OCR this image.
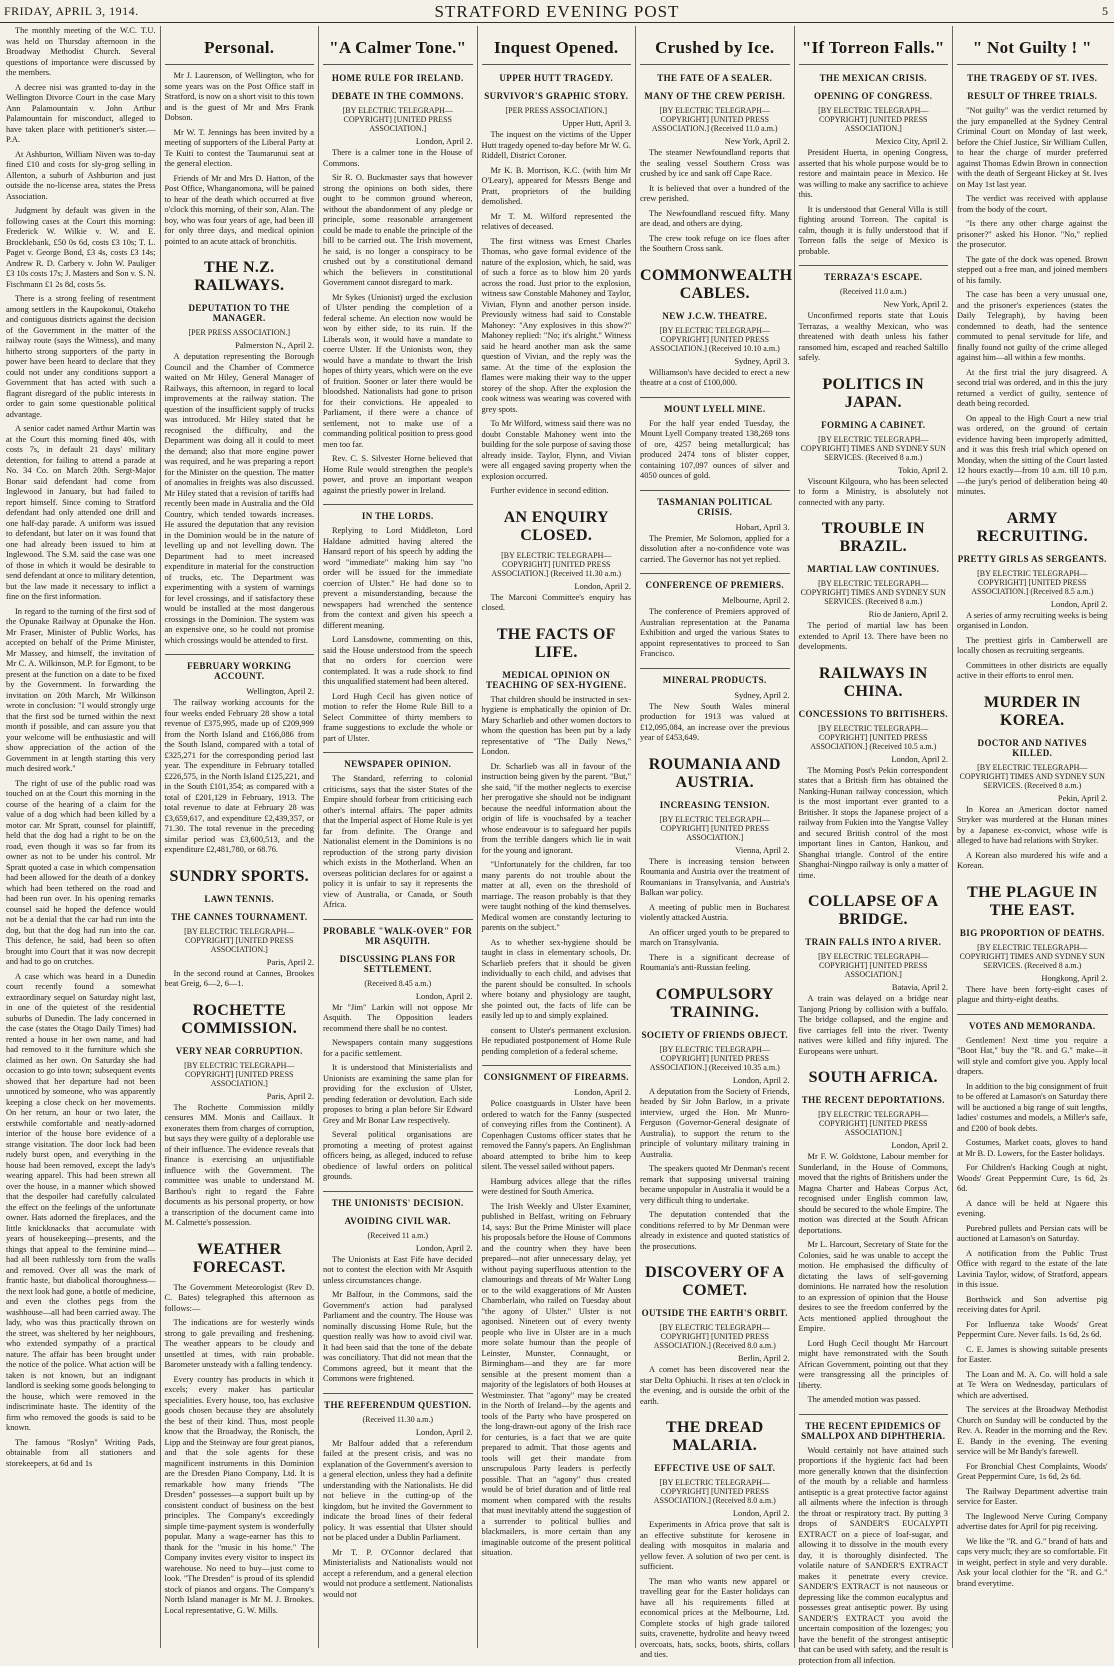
FRIDAY, APRIL 3, 1914.	STRATFORD EVENING POST	5

The monthly meeting of the W.C. T.U. was held on Thursday afternoon in the Broadway Methodist Church. Several questions of importance were discussed by the members.

A decree nisi was granted to-day in the Wellington Divorce Court in the case Mary Ann Palamountain v. John Arthur Palamountain for misconduct, alleged to have taken place with petitioner's sister.—P.A.

At Ashburton, William Niven was to-day fined £10 and costs for sly-grog selling in Allenton, a suburb of Ashburton and just outside the no-license area, states the Press Association.

Judgment by default was given in the following cases at the Court this morning: Frederick W. Wilkie v. W. and E. Brocklebank, £50 0s 6d, costs £3 10s; T. L. Paget v. George Bond, £3 4s, costs £3 14s; Andrew R. D. Carbery v. John W. Pauliger £3 10s costs 17s; J. Masters and Son v. S. N. Fischmann £1 2s 8d, costs 5s.

There is a strong feeling of resentment among settlers in the Kaupokonui, Otakeho and contiguous districts against the decision of the Government in the matter of the railway route (says the Witness), and many hitherto strong supporters of the party in power have been heard to declare that they could not under any conditions support a Government that has acted with such a flagrant disregard of the public interests in order to gain some questionable political advantage.

A senior cadet named Arthur Martin was at the Court this morning fined 40s, with costs 7s, in default 21 days' military detention, for failing to attend a parade at No. 34 Co. on March 20th. Sergt-Major Bonar said defendant had come from Inglewood in January, but had failed to report himself. Since coming to Stratford defendant had only attended one drill and one half-day parade. A uniform was issued to defendant, but later on it was found that one had already been issued to him at Inglewood. The S.M. said the case was one of those in which it would be desirable to send defendant at once to military detention, but the law made it necessary to inflict a fine on the first information.

In regard to the turning of the first sod of the Opunake Railway at Opunake the Hon. Mr Fraser, Minister of Public Works, has accepted on behalf of the Prime Minister, Mr Massey, and himself, the invitation of Mr C. A. Wilkinson, M.P. for Egmont, to be present at the function on a date to be fixed by the Government. In forwarding the invitation on 20th March, Mr Wilkinson wrote in conclusion: "I would strongly urge that the first sod be turned within the next month if possible, and can assure you that your welcome will be enthusiastic and will show appreciation of the action of the Government in at length starting this very much desired work."

The right of use of the public road was touched on at the Court this morning in the course of the hearing of a claim for the value of a dog which had been killed by a motor car. Mr Spratt, counsel for plaintiff, held that the dog had a right to be on the road, even though it was so far from its owner as not to be under his control. Mr Spratt quoted a case in which compensation had been allowed for the death of a donkey which had been tethered on the road and had been run over. In his opening remarks counsel said he hoped the defence would not be a denial that the car had run into the dog, but that the dog had run into the car. This defence, he said, had been so often brought into Court that it was now decrepit and had to go on crutches.

A case which was heard in a Dunedin court recently found a somewhat extraordinary sequel on Saturday night last, in one of the quietest of the residential suburbs of Dunedin. The lady concerned in the case (states the Otago Daily Times) had rented a house in her own name, and had had removed to it the furniture which she claimed as her own. On Saturday she had occasion to go into town; subsequent events showed that her departure had not been unnoticed by someone, who was apparently keeping a close check on her movements. On her return, an hour or two later, the erstwhile comfortable and neatly-adorned interior of the house bore evidence of a strange visitation. The door lock had been rudely burst open, and everything in the house had been removed, except the lady's wearing apparel. This had been strewn all over the house, in a manner which showed that the despoiler had carefully calculated the effect on the feelings of the unfortunate owner. Hats adorned the fireplaces, and the little knickknacks that accumulate with years of housekeeping—presents, and the things that appeal to the feminine mind—had all been ruthlessly torn from the walls and removed. Over all was the mark of frantic haste, but diabolical thoroughness—the next look had gone, a bottle of medicine, and even the clothes pegs from the washhouse—all had been carried away. The lady, who was thus practically thrown on the street, was sheltered by her neighbours, who extended sympathy of a practical nature. The affair has been brought under the notice of the police. What action will be taken is not known, but an indignant landlord is seeking some goods belonging to the house, which were removed in the indiscriminate haste. The identity of the firm who removed the goods is said to be known.

The famous "Roslyn" Writing Pads, obtainable from all stationers and storekeepers, at 6d and 1s

Personal.

Mr J. Laurenson, of Wellington, who for some years was on the Post Office staff in Stratford, is now on a short visit to this town and is the guest of Mr and Mrs Frank Dobson.

Mr W. T. Jennings has been invited by a meeting of supporters of the Liberal Party at Te Kuiti to contest the Taumarunui seat at the general election.

Friends of Mr and Mrs D. Hatton, of the Post Office, Whanganomona, will be pained to hear of the death which occurred at five o'clock this morning, of their son, Alan. The boy, who was four years of age, had been ill for only three days, and medical opinion pointed to an acute attack of bronchitis.

THE N.Z. RAILWAYS.
DEPUTATION TO THE MANAGER.
[PER PRESS ASSOCIATION.]
Palmerston N., April 2.

A deputation representing the Borough Council and the Chamber of Commerce waited on Mr Hiley, General Manager of Railways, this afternoon, in regard to local improvements at the railway station. The question of the insufficient supply of trucks was introduced. Mr Hiley stated that he recognised the difficulty, and the Department was doing all it could to meet the demand; also that more engine power was required, and he was preparing a report for the Minister on the question. The matter of anomalies in freights was also discussed. Mr Hiley stated that a revision of tariffs had recently been made in Australia and the Old Country, which tended towards increases. He assured the deputation that any revision in the Dominion would be in the nature of levelling up and not levelling down. The Department had to meet increased expenditure in material for the construction of trucks, etc. The Department was experimenting with a system of warnings for level crossings, and if satisfactory these would be installed at the most dangerous crossings in the Dominion. The system was an expensive one, so he could not promise which crossings would be attended to first.

FEBRUARY WORKING ACCOUNT.
Wellington, April 2.

The railway working accounts for the four weeks ended February 28 show a total revenue of £375,995, made up of £209,999 from the North Island and £166,086 from the South Island, compared with a total of £325,271 for the corresponding period last year. The expenditure in February totalled £226,575, in the North Island £125,221, and in the South £101,354; as compared with a total of £201,129 in February, 1913. The total revenue to date at February 28 was £3,659,617, and expenditure £2,439,357, or 71.30. The total revenue in the preceding similar period was £3,600,513, and the expenditure £2,481,780, or 68.76.

SUNDRY SPORTS.
LAWN TENNIS.
THE CANNES TOURNAMENT.
[BY ELECTRIC TELEGRAPH—COPYRIGHT] [UNITED PRESS ASSOCIATION.]
Paris, April 2.

In the second round at Cannes, Brookes beat Greig, 6—2, 6—1.

ROCHETTE COMMISSION.
VERY NEAR CORRUPTION.
[BY ELECTRIC TELEGRAPH—COPYRIGHT] [UNITED PRESS ASSOCIATION.]
Paris, April 2.

The Rochette Commission mildly censures MM. Monis and Caillaux. It exonerates them from charges of corruption, but says they were guilty of a deplorable use of their influence. The evidence reveals that finance is exercising an unjustifiable influence with the Government. The committee was unable to understand M. Barthou's right to regard the Fabre documents as his personal property, or how a transcription of the document came into M. Calmette's possession.

WEATHER FORECAST.

The Government Meteorologist (Rev D. C. Bates) telegraphed this afternoon as follows:—

The indications are for westerly winds strong to gale prevailing and freshening. The weather appears to be cloudy and unsettled at times, with rain probable. Barometer unsteady with a falling tendency.

Every country has products in which it excels; every maker has particular specialities. Every house, too, has exclusive goods chosen because they are absolutely the best of their kind. Thus, most people know that the Broadway, the Ronisch, the Lipp and the Steinway are four great pianos, and that the sole agents for these magnificent instruments in this Dominion are the Dresden Piano Company, Ltd. It is remarkable how many friends "The Dresden" possesses—a support built up by consistent conduct of business on the best principles. The Company's exceedingly simple time-payment system is wonderfully popular. Many a wage-earner has this to thank for the "music in his home." The Company invites every visitor to inspect its warehouse. No need to buy—just come to look. "The Dresden" is proud of its splendid stock of pianos and organs. The Company's North Island manager is Mr M. J. Brookes. Local representative, G. W. Mills.

"A Calmer Tone."
HOME RULE FOR IRELAND.
DEBATE IN THE COMMONS.
[BY ELECTRIC TELEGRAPH—COPYRIGHT] [UNITED PRESS ASSOCIATION.]
London, April 2.

There is a calmer tone in the House of Commons.

Sir R. O. Buckmaster says that however strong the opinions on both sides, there ought to be common ground whereon, without the abandonment of any pledge or principle, some reasonable arrangement could be made to enable the principle of the bill to be carried out. The Irish movement, he said, is no longer a conspiracy to be crushed out by a constitutional demand which the believers in constitutional Government cannot disregard to mark.

Mr Sykes (Unionist) urged the exclusion of Ulster pending the completion of a federal scheme. An election now would be won by either side, to its ruin. If the Liberals won, it would have a mandate to coerce Ulster. If the Unionists won, they would have a mandate to thwart the Irish hopes of thirty years, which were on the eve of fruition. Sooner or later there would be bloodshed. Nationalists had gone to prison for their convictions. He appealed to Parliament, if there were a chance of settlement, not to make use of a commanding political position to press good men too far.

Rev. C. S. Silvester Horne believed that Home Rule would strengthen the people's power, and prove an important weapon against the priestly power in Ireland.

IN THE LORDS.

Replying to Lord Middleton, Lord Haldane admitted having altered the Hansard report of his speech by adding the word "immediate" making him say "no order will be issued for the immediate coercion of Ulster." He had done so to prevent a misunderstanding, because the newspapers had wrenched the sentence from the context and given his speech a different meaning.

Lord Lansdowne, commenting on this, said the House understood from the speech that no orders for coercion were contemplated. It was a rude shock to find this unqualified statement had been altered.

Lord Hugh Cecil has given notice of motion to refer the Home Rule Bill to a Select Committee of thirty members to frame suggestions to exclude the whole or part of Ulster.

NEWSPAPER OPINION.

The Standard, referring to colonial criticisms, says that the sister States of the Empire should forbear from criticising each other's internal affairs. The paper admits that the Imperial aspect of Home Rule is yet far from definite. The Orange and Nationalist element in the Dominions is no reproduction of the strong party division which exists in the Motherland. When an overseas politician declares for or against a policy it is unfair to say it represents the view of Australia, or Canada, or South Africa.

PROBABLE "WALK-OVER" FOR MR ASQUITH.
DISCUSSING PLANS FOR SETTLEMENT.
(Received 8.45 a.m.)
London, April 2.

Mr "Jim" Larkin will not oppose Mr Asquith. The Opposition leaders recommend there shall be no contest.

Newspapers contain many suggestions for a pacific settlement.

It is understood that Ministerialists and Unionists are examining the same plan for providing for the exclusion of Ulster, pending federation or devolution. Each side proposes to bring a plan before Sir Edward Grey and Mr Bonar Law respectively.

Several political organisations are promoting a meeting of protest against officers being, as alleged, induced to refuse obedience of lawful orders on political grounds.

THE UNIONISTS' DECISION.
AVOIDING CIVIL WAR.
(Received 11 a.m.)
London, April 2.

The Unionists at East Fife have decided not to contest the election with Mr Asquith unless circumstances change.

Mr Balfour, in the Commons, said the Government's action had paralysed Parliament and the country. The House was nominally discussing Home Rule, but the question really was how to avoid civil war. It had been said that the tone of the debate was conciliatory. That did not mean that the Commons agreed, but it meant that the Commons were frightened.

THE REFERENDUM QUESTION.
(Received 11.30 a.m.)
London, April 2.

Mr Balfour added that a referendum failed at the present crisis, and was no explanation of the Government's aversion to a general election, unless they had a definite understanding with the Nationalists. He did not believe in the cutting-up of the kingdom, but he invited the Government to indicate the broad lines of their federal policy. It was essential that Ulster should not be placed under a Dublin Parliament.

Mr T. P. O'Connor declared that Ministerialists and Nationalists would not accept a referendum, and a general election would not produce a settlement. Nationalists would not

Inquest Opened.
UPPER HUTT TRAGEDY.
SURVIVOR'S GRAPHIC STORY.
[PER PRESS ASSOCIATION.]
Upper Hutt, April 3.

The inquest on the victims of the Upper Hutt tragedy opened to-day before Mr W. G. Riddell, District Coroner.

Mr K. B. Morrison, K.C. (with him Mr O'Leary), appeared for Messrs Benge and Pratt, proprietors of the building demolished.

Mr T. M. Wilford represented the relatives of deceased.

The first witness was Ernest Charles Thomas, who gave formal evidence of the nature of the explosion, which, he said, was of such a force as to blow him 20 yards across the road. Just prior to the explosion, witness saw Constable Mahoney and Taylor, Vivian, Flynn and another person inside. Previously witness had said to Constable Mahoney: "Any explosives in this show?" Mahoney replied: "No; it's alright." Witness said he heard another man ask the same question of Vivian, and the reply was the same. At the time of the explosion the flames were making their way to the upper storey of the shop. After the explosion the cook witness was wearing was covered with grey spots.

To Mr Wilford, witness said there was no doubt Constable Mahoney went into the building for the sole purpose of saving those already inside. Taylor, Flynn, and Vivian were all engaged saving property when the explosion occurred.

Further evidence in second edition.

AN ENQUIRY CLOSED.
[BY ELECTRIC TELEGRAPH—COPYRIGHT] [UNITED PRESS ASSOCIATION.] (Received 11.30 a.m.)
London, April 2.

The Marconi Committee's enquiry has closed.

THE FACTS OF LIFE.
MEDICAL OPINION ON TEACHING OF SEX-HYGIENE.

That children should be instructed in sex-hygiene is emphatically the opinion of Dr. Mary Scharlieb and other women doctors to whom the question has been put by a lady representative of "The Daily News," London.

Dr. Scharlieb was all in favour of the instruction being given by the parent. "But," she said, "if the mother neglects to exercise her prerogative she should not be indignant because the needful information about the origin of life is vouchsafed by a teacher whose endeavour is to safeguard her pupils from the terrible dangers which lie in wait for the young and ignorant.

"Unfortunately for the children, far too many parents do not trouble about the matter at all, even on the threshold of marriage. The reason probably is that they were taught nothing of the kind themselves. Medical women are constantly lecturing to parents on the subject."

As to whether sex-hygiene should be taught in class in elementary schools, Dr. Scharlieb prefers that it should be given individually to each child, and advises that the parent should be consulted. In schools where botany and physiology are taught, she pointed out, the facts of life can be easily led up to and simply explained.

consent to Ulster's permanent exclusion. He repudiated postponement of Home Rule pending completion of a federal scheme.

CONSIGNMENT OF FIREARMS.
London, April 2.

Police coastguards in Ulster have been ordered to watch for the Fanny (suspected of conveying rifles from the Continent). A Copenhagen Customs officer states that he removed the Fanny's papers. An Englishman aboard attempted to bribe him to keep silent. The vessel sailed without papers.

Hamburg advices allege that the rifles were destined for South America.

The Irish Weekly and Ulster Examiner, published in Belfast, writing on February 14, says: But the Prime Minister will place his proposals before the House of Commons and the country when they have been prepared—not after unnecessary delay, yet without paying superfluous attention to the clamourings and threats of Mr Walter Long or to the wild exaggerations of Mr Austen Chamberlain, who railed on Tuesday about "the agony of Ulster." Ulster is not agonised. Nineteen out of every twenty people who live in Ulster are in a much more solate humour than the people of Leinster, Munster, Connaught, or Birmingham—and they are far more sensible at the present moment than a majority of the legislators of both Houses at Westminster. That "agony" may be created in the North of Ireland—by the agents and tools of the Party who have prospered on the long-drawn-out agony of the Irish race for centuries, is a fact that we are quite prepared to admit. That those agents and tools will get their mandate from unscrupulous Party leaders is perfectly possible. That an "agony" thus created would be of brief duration and of little real moment when compared with the results that must inevitably attend the suggestion of a surrender to political bullies and blackmailers, is more certain than any imaginable outcome of the present political situation.

Crushed by Ice.
THE FATE OF A SEALER.
MANY OF THE CREW PERISH.
[BY ELECTRIC TELEGRAPH—COPYRIGHT] [UNITED PRESS ASSOCIATION.] (Received 11.0 a.m.)
New York, April 2.

The steamer Newfoundland reports that the sealing vessel Southern Cross was crushed by ice and sank off Cape Race.

It is believed that over a hundred of the crew perished.

The Newfoundland rescued fifty. Many are dead, and others are dying.

The crew took refuge on ice floes after the Southern Cross sank.

COMMONWEALTH CABLES.
NEW J.C.W. THEATRE.
[BY ELECTRIC TELEGRAPH—COPYRIGHT] [UNITED PRESS ASSOCIATION.] (Received 10.10 a.m.)
Sydney, April 3.

Williamson's have decided to erect a new theatre at a cost of £100,000.

MOUNT LYELL MINE.

For the half year ended Tuesday, the Mount Lyell Company treated 138,269 tons of ore, 4257 being metallurgical; has produced 2474 tons of blister copper, containing 107,097 ounces of silver and 4050 ounces of gold.

TASMANIAN POLITICAL CRISIS.
Hobart, April 3.

The Premier, Mr Solomon, applied for a dissolution after a no-confidence vote was carried. The Governor has not yet replied.

CONFERENCE OF PREMIERS.
Melbourne, April 2.

The conference of Premiers approved of Australian representation at the Panama Exhibition and urged the various States to appoint representatives to proceed to San Francisco.

MINERAL PRODUCTS.
Sydney, April 2.

The New South Wales mineral production for 1913 was valued at £12,095,084, an increase over the previous year of £453,649.

ROUMANIA AND AUSTRIA.
INCREASING TENSION.
[BY ELECTRIC TELEGRAPH—COPYRIGHT] [UNITED PRESS ASSOCIATION.]
Vienna, April 2.

There is increasing tension between Roumania and Austria over the treatment of Roumanians in Transylvania, and Austria's Balkan war policy.

A meeting of public men in Bucharest violently attacked Austria.

An officer urged youth to be prepared to march on Transylvania.

There is a significant decrease of Roumania's anti-Russian feeling.

COMPULSORY TRAINING.
SOCIETY OF FRIENDS OBJECT.
[BY ELECTRIC TELEGRAPH—COPYRIGHT] [UNITED PRESS ASSOCIATION.] (Received 10.35 a.m.)
London, April 2.

A deputation from the Society of Friends, headed by Sir John Barlow, in a private interview, urged the Hon. Mr Munro-Ferguson (Governor-General designate of Australia), to support the return to the principle of voluntary military training in Australia.

The speakers quoted Mr Denman's recent remark that supposing universal training became unpopular in Australia it would be a very difficult thing to undertake.

The deputation contended that the conditions referred to by Mr Denman were already in existence and quoted statistics of the prosecutions.

DISCOVERY OF A COMET.
OUTSIDE THE EARTH'S ORBIT.
[BY ELECTRIC TELEGRAPH—COPYRIGHT] [UNITED PRESS ASSOCIATION.] (Received 8.0 a.m.)
Berlin, April 2.

A comet has been discovered near the star Delta Ophiuchi. It rises at ten o'clock in the evening, and is outside the orbit of the earth.

THE DREAD MALARIA.
EFFECTIVE USE OF SALT.
[BY ELECTRIC TELEGRAPH—COPYRIGHT] [UNITED PRESS ASSOCIATION.] (Received 8.0 a.m.)
London, April 2.

Experiments in Africa prove that salt is an effective substitute for kerosene in dealing with mosquitos in malaria and yellow fever. A solution of two per cent. is sufficient.

The man who wants new apparel or travelling gear for the Easter holidays can have all his requirements filled at economical prices at the Melbourne, Ltd. Complete stocks of high grade tailored suits, cravenette, hydrolite and heavy tweed overcoats, hats, socks, boots, shirts, collars and ties.

"If Torreon Falls."
THE MEXICAN CRISIS.
OPENING OF CONGRESS.
[BY ELECTRIC TELEGRAPH—COPYRIGHT] [UNITED PRESS ASSOCIATION.]
Mexico City, April 2.

President Huerta, in opening Congress, asserted that his whole purpose would be to restore and maintain peace in Mexico. He was willing to make any sacrifice to achieve this.

It is understood that General Villa is still fighting around Torreon. The capital is calm, though it is fully understood that if Torreon falls the seige of Mexico is probable.

TERRAZA'S ESCAPE.
(Received 11.0 a.m.)
New York, April 2.

Unconfirmed reports state that Louis Terrazas, a wealthy Mexican, who was threatened with death unless his father ransomed him, escaped and reached Saltillo safely.

POLITICS IN JAPAN.
FORMING A CABINET.
[BY ELECTRIC TELEGRAPH—COPYRIGHT] TIMES AND SYDNEY SUN SERVICES. (Received 8 a.m.)
Tokio, April 2.

Viscount Kilgoura, who has been selected to form a Ministry, is absolutely not connected with any party.

TROUBLE IN BRAZIL.
MARTIAL LAW CONTINUES.
[BY ELECTRIC TELEGRAPH—COPYRIGHT] TIMES AND SYDNEY SUN SERVICES. (Received 8 a.m.)
Rio de Janiero, April 2.

The period of martial law has been extended to April 13. There have been no developments.

RAILWAYS IN CHINA.
CONCESSIONS TO BRITISHERS.
[BY ELECTRIC TELEGRAPH—COPYRIGHT] [UNITED PRESS ASSOCIATION.] (Received 10.5 a.m.)
London, April 2.

The Morning Post's Pekin correspondent states that a British firm has obtained the Nanking-Hunan railway concession, which is the most important ever granted to a Britisher. It stops the Japanese project of a railway from Fukien into the Yangtse Valley and secured British control of the most important lines in Canton, Hankou, and Shanghai triangle. Control of the entire Shanghai-Ningpo railway is only a matter of time.

COLLAPSE OF A BRIDGE.
TRAIN FALLS INTO A RIVER.
[BY ELECTRIC TELEGRAPH—COPYRIGHT] [UNITED PRESS ASSOCIATION.]
Batavia, April 2.

A train was delayed on a bridge near Tanjong Priong by collision with a buffalo. The bridge collapsed, and the engine and five carriages fell into the river. Twenty natives were killed and fifty injured. The Europeans were unhurt.

SOUTH AFRICA.
THE RECENT DEPORTATIONS.
[BY ELECTRIC TELEGRAPH—COPYRIGHT] [UNITED PRESS ASSOCIATION.]
London, April 2.

Mr F. W. Goldstone, Labour member for Sunderland, in the House of Commons, moved that the rights of Britishers under the Magna Charter and Habeas Corpus Act, recognised under English common law, should be secured to the whole Empire. The motion was directed at the South African deportations.

Mr L. Harcourt, Secretary of State for the Colonies, said he was unable to accept the motion. He emphasised the difficulty of dictating the laws of self-governing dominions. He narrated how the resolution to an expression of opinion that the House desires to see the freedom conferred by the Acts mentioned applied throughout the Empire.

Lord Hugh Cecil thought Mr Harcourt might have remonstrated with the South African Government, pointing out that they were transgressing all the principles of liberty.

The amended motion was passed.

THE RECENT EPIDEMICS OF SMALLPOX AND DIPHTHERIA.

Would certainly not have attained such proportions if the hygienic fact had been more generally known that the disinfection of the mouth by a reliable and harmless antiseptic is a great protective factor against all ailments where the infection is through the throat or respiratory tract. By putting 3 drops of SANDER'S EUCALYPTI EXTRACT on a piece of loaf-sugar, and allowing it to dissolve in the mouth every day, it is thoroughly disinfected. The volatile nature of SANDER'S EXTRACT makes it penetrate every crevice. SANDER'S EXTRACT is not nauseous or depressing like the common eucalyptus and possesses great antiseptic power. By using SANDER'S EXTRACT you avoid the uncertain composition of the lozenges; you have the benefit of the strongest antiseptic that can be used with safety, and the result is protection from all infection.

" Not Guilty ! "
THE TRAGEDY OF ST. IVES.
RESULT OF THREE TRIALS.

"Not guilty" was the verdict returned by the jury empanelled at the Sydney Central Criminal Court on Monday of last week, before the Chief Justice, Sir William Cullen, to hear the charge of murder preferred against Thomas Edwin Brown in connection with the death of Sergeant Hickey at St. Ives on May 1st last year.

The verdict was received with applause from the body of the court.

"Is there any other charge against the prisoner?" asked his Honor. "No," replied the prosecutor.

The gate of the dock was opened. Brown stepped out a free man, and joined members of his family.

The case has been a very unusual one, and the prisoner's experiences (states the Daily Telegraph), by having been condemned to death, had the sentence commuted to penal servitude for life, and finally found not guilty of the crime alleged against him—all within a few months.

At the first trial the jury disagreed. A second trial was ordered, and in this the jury returned a verdict of guilty, sentence of death being recorded.

On appeal to the High Court a new trial was ordered, on the ground of certain evidence having been improperly admitted, and it was this fresh trial which opened on Monday, when the sitting of the Court lasted 12 hours exactly—from 10 a.m. till 10 p.m.—the jury's period of deliberation being 40 minutes.

ARMY RECRUITING.
PRETTY GIRLS AS SERGEANTS.
[BY ELECTRIC TELEGRAPH—COPYRIGHT] [UNITED PRESS ASSOCIATION.] (Received 8.5 a.m.)
London, April 2.

A series of army recruiting weeks is being organised in London.

The prettiest girls in Camberwell are locally chosen as recruiting sergeants.

Committees in other districts are equally active in their efforts to enrol men.

MURDER IN KOREA.
DOCTOR AND NATIVES KILLED.
[BY ELECTRIC TELEGRAPH—COPYRIGHT] TIMES AND SYDNEY SUN SERVICES. (Received 8 a.m.)
Pekin, April 2.

In Korea an American doctor named Stryker was murdered at the Hunan mines by a Japanese ex-convict, whose wife is alleged to have had relations with Stryker.

A Korean also murdered his wife and a Korean.

THE PLAGUE IN THE EAST.
BIG PROPORTION OF DEATHS.
[BY ELECTRIC TELEGRAPH—COPYRIGHT] TIMES AND SYDNEY SUN SERVICES. (Received 8 a.m.)
Hongkong, April 2.

There have been forty-eight cases of plague and thirty-eight deaths.

VOTES AND MEMORANDA.

Gentlemen! Next time you require a "Boot Hat," buy the "R. and G." make—it will style and comfort give you. Apply local drapers.

In addition to the big consignment of fruit to be offered at Lamason's on Saturday there will be auctioned a big range of suit lengths, ladies' costumes and models, a Miller's safe, and £200 of book debts.

Costumes, Market coats, gloves to hand at Mr B. D. Lowers, for the Easter holidays.

For Children's Hacking Cough at night, Woods' Great Peppermint Cure, 1s 6d, 2s 6d.

A dance will be held at Ngaere this evening.

Purebred pullets and Persian cats will be auctioned at Lamason's on Saturday.

A notification from the Public Trust Office with regard to the estate of the late Lavinia Taylor, widow, of Stratford, appears in this issue.

Borthwick and Son advertise pig receiving dates for April.

For Influenza take Woods' Great Peppermint Cure. Never fails. 1s 6d, 2s 6d.

C. E. James is showing suitable presents for Easter.

The Loan and M. A. Co. will hold a sale at Te Wera on Wednesday, particulars of which are advertised.

The services at the Broadway Methodist Church on Sunday will be conducted by the Rev. A. Reader in the morning and the Rev. E. Bandy in the evening. The evening service will be Mr Bandy's farewell.

For Bronchial Chest Complaints, Woods' Great Peppermint Cure, 1s 6d, 2s 6d.

The Railway Department advertise train service for Easter.

The Inglewood Nerve Curing Company advertise dates for April for pig receiving.

We like the "R. and G." brand of hats and caps very much; they are so comfortable. Fit in weight, perfect in style and very durable. Ask your local clothier for the "R. and G." brand everytime.
